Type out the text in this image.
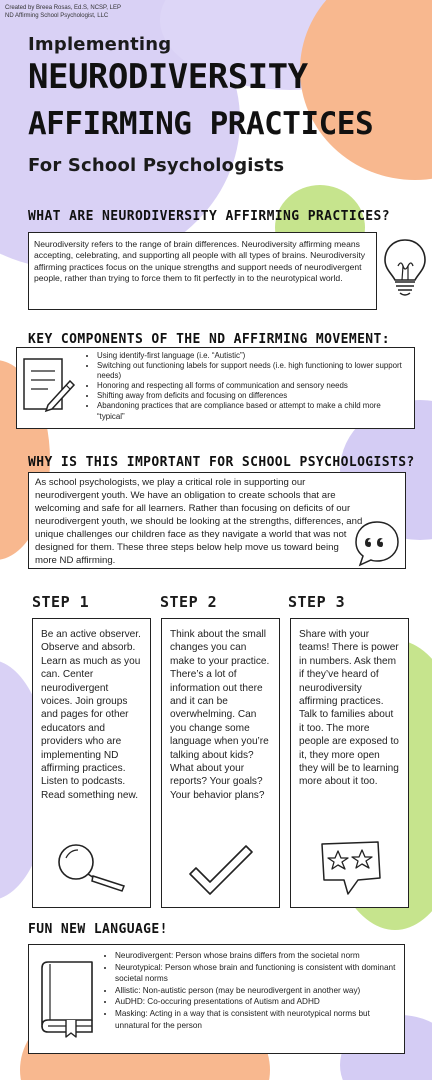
Created by Breea Rosas, Ed.S, NCSP, LEP
ND Affirming School Psychologist, LLC
Implementing
NEURODIVERSITY
AFFIRMING PRACTICES
For School Psychologists
WHAT ARE NEURODIVERSITY AFFIRMING PRACTICES?
Neurodiversity refers to the range of brain differences. Neurodiversity affirming means accepting, celebrating, and supporting all people with all types of brains. Neurodiversity affirming practices focus on the unique strengths and support needs of neurodivergent people, rather than trying to force them to fit perfectly in to the neurotypical world.
KEY COMPONENTS OF THE ND AFFIRMING MOVEMENT:
• Using identify-first language (i.e. “Autistic”)
• Switching out functioning labels for support needs (i.e. high functioning to lower support needs)
• Honoring and respecting all forms of communication and sensory needs
• Shifting away from deficits and focusing on differences
• Abandoning practices that are compliance based or attempt to make a child more “typical”
WHY IS THIS IMPORTANT FOR SCHOOL PSYCHOLOGISTS?
As school psychologists, we play a critical role in supporting our neurodivergent youth. We have an obligation to create schools that are welcoming and safe for all learners. Rather than focusing on deficits of our neurodivergent youth, we should be looking at the strengths, differences, and unique challenges our children face as they navigate a world that was not designed for them. These three steps below help move us toward being more ND affirming.
STEP 1	STEP 2	STEP 3
Be an active observer. Observe and absorb. Learn as much as you can. Center neurodivergent voices. Join groups and pages for other educators and providers who are implementing ND affirming practices. Listen to podcasts. Read something new.
Think about the small changes you can make to your practice. There’s a lot of information out there and it can be overwhelming. Can you change some language when you’re talking about kids? What about your reports? Your goals? Your behavior plans?
Share with your teams! There is power in numbers. Ask them if they’ve heard of neurodiversity affirming practices. Talk to families about it too. The more people are exposed to it, they more open they will be to learning more about it too.
FUN NEW LANGUAGE!
• Neurodivergent: Person whose brains differs from the societal norm
• Neurotypical: Person whose brain and functioning is consistent with dominant societal norms
• Allistic: Non-autistic person (may be neurodivergent in another way)
• AuDHD: Co-occuring presentations of Autism and ADHD
• Masking: Acting in a way that is consistent with neurotypical norms but unnatural for the person
